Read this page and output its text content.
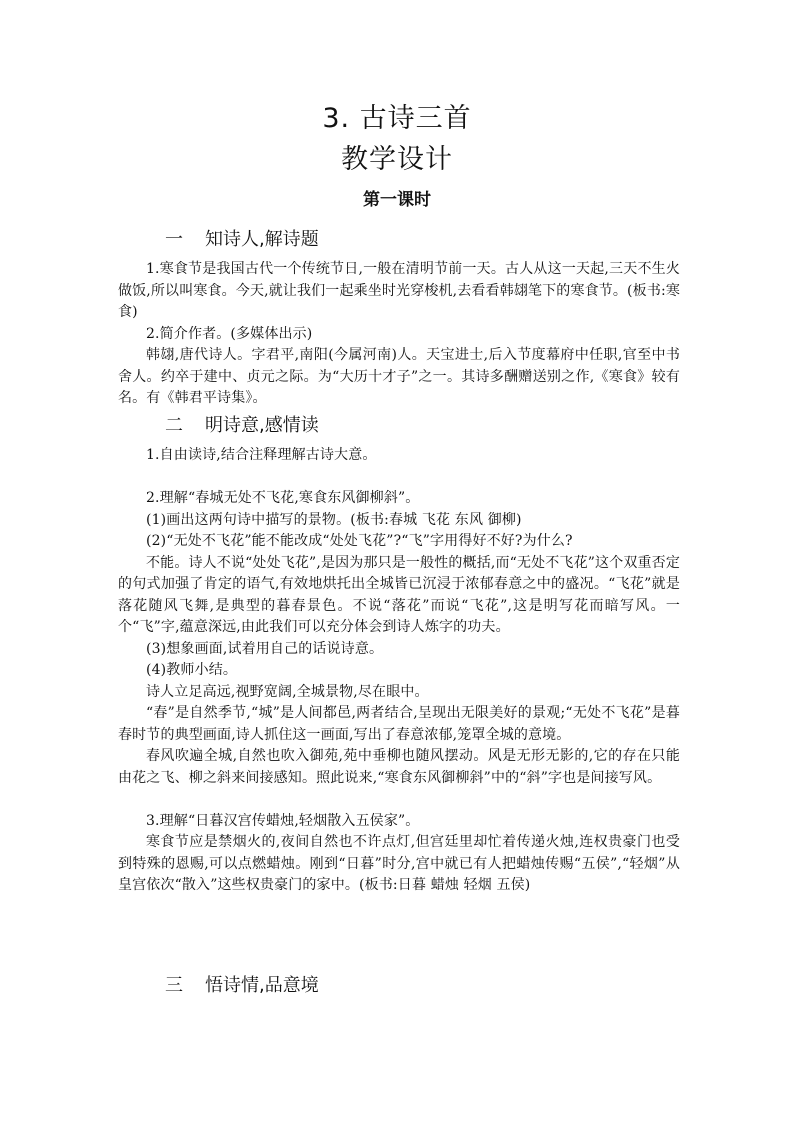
3. 古诗三首
教学设计
第一课时
一 知诗人,解诗题

1.寒食节是我国古代一个传统节日,一般在清明节前一天。古人从这一天起,三天不生火做饭,所以叫寒食。今天,就让我们一起乘坐时光穿梭机,去看看韩翃笔下的寒食节。(板书:寒食)

2.简介作者。(多媒体出示)

韩翃,唐代诗人。字君平,南阳(今属河南)人。天宝进士,后入节度幕府中任职,官至中书舍人。约卒于建中、贞元之际。为“大历十才子”之一。其诗多酬赠送别之作,《寒食》较有名。有《韩君平诗集》。

二 明诗意,感情读

1.自由读诗,结合注释理解古诗大意。

2.理解“春城无处不飞花,寒食东风御柳斜”。

(1)画出这两句诗中描写的景物。(板书:春城 飞花 东风 御柳)

(2)“无处不飞花”能不能改成“处处飞花”?“飞”字用得好不好?为什么?

不能。诗人不说“处处飞花”,是因为那只是一般性的概括,而“无处不飞花”这个双重否定的句式加强了肯定的语气,有效地烘托出全城皆已沉浸于浓郁春意之中的盛况。“飞花”就是落花随风飞舞,是典型的暮春景色。不说“落花”而说“飞花”,这是明写花而暗写风。一个“飞”字,蕴意深远,由此我们可以充分体会到诗人炼字的功夫。

(3)想象画面,试着用自己的话说诗意。

(4)教师小结。

诗人立足高远,视野宽阔,全城景物,尽在眼中。

“春”是自然季节,“城”是人间都邑,两者结合,呈现出无限美好的景观;“无处不飞花”是暮春时节的典型画面,诗人抓住这一画面,写出了春意浓郁,笼罩全城的意境。

春风吹遍全城,自然也吹入御苑,苑中垂柳也随风摆动。风是无形无影的,它的存在只能由花之飞、柳之斜来间接感知。照此说来,“寒食东风御柳斜”中的“斜”字也是间接写风。

3.理解“日暮汉宫传蜡烛,轻烟散入五侯家”。

寒食节应是禁烟火的,夜间自然也不许点灯,但宫廷里却忙着传递火烛,连权贵豪门也受到特殊的恩赐,可以点燃蜡烛。刚到“日暮”时分,宫中就已有人把蜡烛传赐“五侯”,“轻烟”从皇宫依次“散入”这些权贵豪门的家中。(板书:日暮 蜡烛 轻烟 五侯)

三 悟诗情,品意境
